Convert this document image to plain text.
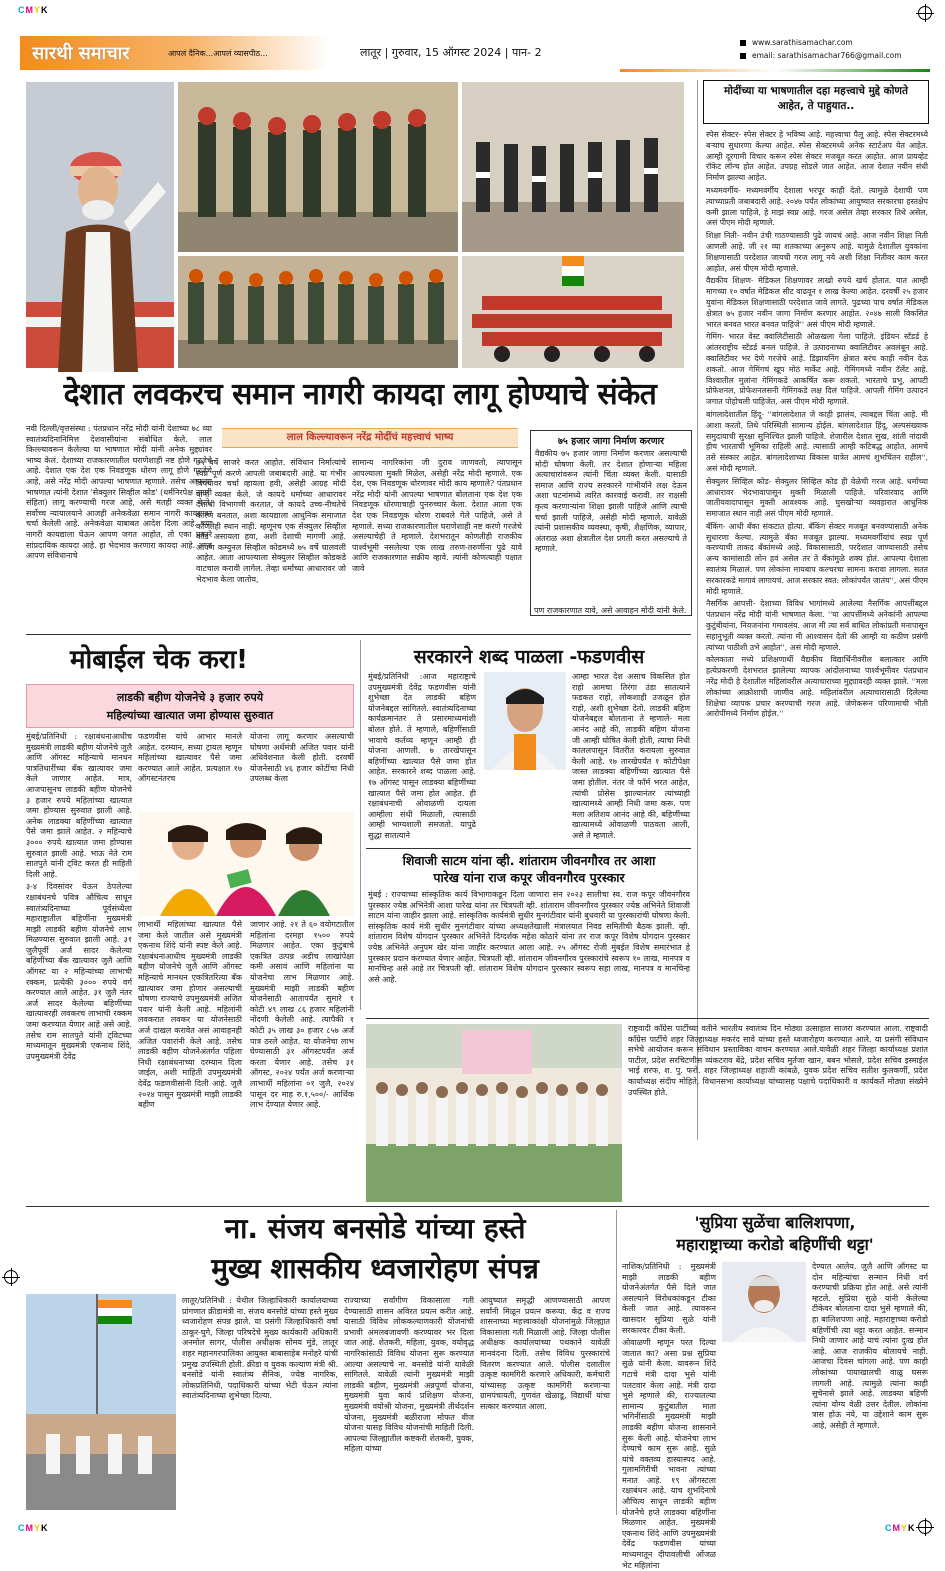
CMYK
CMYK	CMYK
सारथी समाचार	आपलं दैनिक...आपलं व्यासपीठ...	लातूर | गुरुवार, 15 ऑगस्ट 2024 | पान- 2
www.sarathisamachar.com
email: sarathisamachar766@gmail.com
मोदींच्या या भाषणातील दहा महत्त्वाचे मुद्दे कोणते आहेत, ते पाहुयात..

स्पेस सेक्टर- स्पेस सेक्टर हे भविष्य आहे. महत्त्वाचा पैलू आहे. स्पेस सेक्टरमध्ये बऱ्याच सुधारणा केल्या आहेत. स्पेस सेक्टरमध्ये अनेक स्टार्टअप येत आहेत. आम्ही दूरगामी विचार करून स्पेस सेक्टर मजबूत करत आहोत. आज प्रायव्हेट रॉकेट लॉन्च होत आहेत. उपग्रह सोडले जात आहेत. आज देशात नवीन संधी निर्माण झाल्या आहेत.

मध्यमवर्गीय- मध्यमवर्गीय देशाला भरपूर काही देतो. त्यामुळे देशाची पण त्याच्याप्रती जबाबदारी आहे. २०४७ पर्यंत लोकांच्या आयुष्यात सरकारचा हस्तक्षेप कमी झाला पाहिजे, हे माझं स्वप्न आहे. गरज असेल तेव्हा सरकार तिथे असेल, असं पीएम मोदी म्हणाले.

शिक्षा निती- नवीन उंची गाठण्यासाठी पुढे जायचं आहे. आज नवीन शिक्षा निती आणली आहे. जी २१ व्या शतकाच्या अनुरूप आहे. यामुळे देशातील युवकांना शिक्षणासाठी परदेशात जायची गरज लागू नये अशी शिक्षा नितीवर काम करत आहोत, असं पीएम मोदी म्हणाले.

वैद्यकीय शिक्षण- मेडिकल शिक्षणावर लाखो रुपये खर्च होतात. यात आम्ही मागच्या १० वर्षात मेडिकल सीट वाढवून १ लाख केल्या आहेत. दरवर्षी २५ हजार युवांना मेडिकल शिक्षणासाठी परदेशात जावे लागते. पुढच्या पाच वर्षात मेडिकल क्षेत्रात ७५ हजार नवीन जागा निर्माण करणार आहोत. २०४७ साली विकसित भारत बनवत भारत बनवत पाहिजे'' असं पीएम मोदी म्हणाले.

गेमिंग- भारत वेस्ट क्वालिटीसाठी ओळखला गेला पाहिजे. इंडियन स्टँडर्ड हे आंतरराष्ट्रीय स्टँडर्ड बनलं पाहिजे. ते उत्पादनाच्या क्वालिटीवर अवलंबून आहे. क्वालिटीवर भर देणे गरजेचे आहे. डिझायनिंग क्षेत्रात बरंच काही नवीन देऊ शकतो. आज गेमिंगचं खूप मोठं मार्केट आहे. गेमिंगमध्ये नवीन टॅलेंट आहे. विश्वातील मुलांना गेमिंगकडे आकर्षित करू शकतो. भारताचे प्रभु, आपटी प्रोफेशनल, प्रोफेशनलसनी गेमिंगकडे लक्ष दिलं पाहिजे. आपली गेमिंग उत्पादनं जगात पोहोचली पाहिजेत, असं पीएम मोदी म्हणाले.

बांगलादेशातील हिंदू- ''बांगलादेशात जे काही झालंय, त्याबद्दल चिंता आहे. मी आशा करतो, तिथे परिस्थिती सामान्य होईल. बांगलादेशात हिंदू, अल्पसंख्याक समुदायाची सुरक्षा सुनिश्चित झाली पाहिजे. शेजारील देशात सुख, शांती नांदावी हीच भारताची भूमिका राहिली आहे. त्यासाठी आम्ही कटिबद्ध आहोत. आमचे तसे संस्कार आहेत. बांगलादेशाच्या विकास यात्रेत आमचं शुभचिंतन राहील'', असं मोदी म्हणाले.

सेक्युलर सिव्हिल कोड- सेक्युलर सिव्हिल कोड ही वेळेची गरज आहे. धर्माच्या आधारावर भेदभावापासून मुक्ती मिळाली पाहिजे. परिवारवाद आणि जातीयवादापासून मुक्ती आवश्यक आहे. घुसखोऱ्या व्यवहारात आधुनिक समाजात स्थान नाही असं पीएम मोदी म्हणाले.

बँकिंग- आधी बँका संकटात होत्या. बँकिंग सेक्टर मजबूत बनवण्यासाठी अनेक सुधारणा केल्या. त्यामुळे बँका मजबूत झाल्या. मध्यमवर्गीयांचं स्वप्न पूर्ण करण्याची ताकद बँकांमध्ये आहे. विकासासाठी, परदेशात जाण्यासाठी तसेच अन्य कामांसाठी लोन हवं असेल तर ते बँकांमुळे शक्य होतं. आपल्या देशाला स्वातंत्र्य मिळालं. पण लोकांना मायबाप कल्चरचा सामना करावा लागला. सतत सरकारकडे मागावं लागायचं. आज सरकार स्वत: लोकांपर्यंत जातंय'', असं पीएम मोदी म्हणाले.

नैसर्गिक आपत्ती- देशाच्या विविध भागांमध्ये आलेल्या नैसर्गिक आपत्तींबद्दल पंतप्रधान नरेंद्र मोदी यांनी भाषणात केला. ''या आपत्तींमध्ये अनेकांनी आपल्या कुटुंबीयांना, नियजनांना गमावलंय. आज मी त्या सर्व बाधित लोकांप्रती मनापासून सहानुभूती व्यक्त करतो. त्यांना मी आश्वासन देतो की आम्ही या कठीण प्रसंगी त्यांच्या पाठीशी उभे आहोत'', असं मोदी म्हणाले.

कोलकाता मध्ये प्रशिक्षणार्थी वैद्यकीय विद्यार्थिनीवरील बलात्कार आणि हत्येप्रकरणी देशभरात झालेल्या व्यापक आंदोलनाच्या पार्श्वभूमीवर पंतप्रधान नरेंद्र मोदी हे देशातील महिलांवरील अत्याचाराच्या मुद्द्यावरही व्यक्त झाले. ''मला लोकांच्या आक्रोशाची जाणीव आहे. महिलांवरील अत्याचारासाठी दिलेल्या शिक्षेचा व्यापक प्रचार करण्याची गरज आहे. जेणेकरून परिणामाची भीती आरोपींमध्ये निर्माण होईल.''

देशात लवकरच समान नागरी कायदा लागू होण्याचे संकेत
लाल किल्ल्यावरून नरेंद्र मोदींचं महत्त्वाचं भाष्य

नवी दिल्ली/वृत्तसंस्था : पंतप्रधान नरेंद्र मोदी यांनी देशाच्या ७८ व्या स्वातंत्र्यदिनानिमित्त देशवासीयांना संबोधित केले. लाल किल्ल्यावरून केलेल्या या भाषणात मोदी यांनी अनेक मुद्द्यांवर भाष्य केलं. देशाच्या राजकारणातील घराणेशाही नष्ट होणे गरजेचे आहे. देशात एक देश एक निवडणूक धोरण लागू होणे गरजेचे आहे, असे नरेंद्र मोदी आपल्या भाषणात म्हणाले. तसेच आपल्या भाषणात त्यांनी देशात 'सेक्युलर सिव्हील कोड' (धर्मनिरपेक्ष नागरी संहिता) लागू करण्याची गरज आहे, असे मतही व्यक्त केले. सर्वोच्च न्यायालयाने आजही अनेकवेळा समान नागरी कायद्यावर चर्चा केलेली आहे. अनेकवेळा याबाबत आदेश दिला आहे. ज्या नागरी कायद्याला घेऊन आपण जगत आहोत, तो एका प्रकारे सांप्रदायिक कायदा आहे. हा भेदभाव करणारा कायदा आहे. आज आपण संविधानाचे

७५ वर्षे साजरे करत आहोत. संविधान निर्मात्यांचे स्वप्न पूर्ण करणे आपली जबाबदारी आहे. या गंभीर विषयावर चर्चा व्हायला हवी, असेही आग्रह मोदी यांनी व्यक्त केले. जे कायदे धर्माच्या आधारावर देशाची विभागणी करतात, जे कायदे उच्च-नीचतेचे कारण बनतात, अशा कायद्याला आधुनिक समाजात कोणतेही स्थान नाही. म्हणूनच एक सेक्युलर सिव्हील कोड असायला हवा, अशी देशाची मागणी आहे. आपण कम्युनल सिव्हील कोडमध्ये ७५ वर्षे घालवली आहेत. आता आपल्याला सेक्युलर सिव्हील कोडकडे वाटचाल करावी लागेल. तेव्हा धर्माच्या आधारावर जो भेदभाव केला जातोय,

सामान्य नागरिकांना जी दुराव जाणवतो, त्यापासून आपल्याला मुक्ती मिळेल, असेही नरेंद्र मोदी म्हणाले. एक देश, एक निवडणूक धोरणावर मोदी काय म्हणाले? पंतप्रधान नरेंद्र मोदी यांनी आपल्या भाषणात बोलताना एक देश एक निवडणूक धोरणाचाही पुनरुच्चार केला. देशात आता एक देश एक निवडणूक धोरण राबवले गेले पाहिजे, असे ते म्हणाले. सध्या राजकारणातील घराणेशाही नष्ट करणे गरजेचे असल्याचेही ते म्हणाले. देशभरातून कोणतीही राजकीय पार्श्वभूमी नसलेल्या एक लाख तरुण-तरुणींना पुढे यावे आणि राजकारणात सक्रीय व्हावे. त्यांनी कोणत्याही पक्षात जावे

७५ हजार जागा निर्माण करणार
वैद्यकीय ७५ हजार जागा निर्माण करणार असल्याची मोदी घोषणा केली. तर देशात होणाऱ्या महिला अत्याचारांवरून त्यांनी चिंता व्यक्त केली. यासाठी समाज आणि राज्य सरकारने गांभीर्याने लक्ष देऊन अशा घटनांमध्ये त्वरित कारवाई करावी. तर राक्षसी कृत्य करणाऱ्यांना शिक्षा झाली पाहिजे आणि त्याची चर्चा झाली पाहिजे, असेही मोदी म्हणाले. यावेळी त्यांनी प्रशासकीय व्यवस्था, कृषी, शैक्षणिक, व्यापार, अंतराळ अशा क्षेत्रातील देश प्रगती करत असल्याचे ते म्हणाले.
पण राजकारणात यावे, असे आवाहन मोदी यांनी केले.
मोबाईल चेक करा!
लाडकी बहीण योजनेचे ३ हजार रुपये
महिल्यांच्या खात्यात जमा होण्यास सुरुवात

मुंबई/प्रतिनिधी : रक्षाबंधनाआधीच मुख्यमंत्री लाडकी बहीण योजनेचे जुलै आणि ऑगस्ट महिन्याचे मानधन पात्रतिधारींच्या बँक खात्यावर जमा केले जाणार आहेत. मात्र, आजपासूनच लाडकी बहीण योजनेचे ३ हजार रुपये महिलांच्या खात्यात जमा होण्यास सुरुवात झाली आहे. अनेक लाडक्या बहिणींच्या खात्यात पैसे जमा झाले आहेत. २ महिन्याचे ३००० रुपये खात्यात जमा होण्यास सुरुवात झाली आहे. भाऊ नेते राम सातपुते यांनी ट्विट करत ही माहिती दिली आहे.

३-४ दिवसांवर येऊन ठेपलेल्या रक्षाबंधनचे पवित्र औचित्य साधून स्वातंत्र्यदिनाच्या पूर्वसंध्येला महाराष्ट्रातील बहिणींना मुख्यमंत्री माझी लाडकी बहीण योजनेचे लाभ मिळण्यास सुरुवात झाली आहे. ३१ जुलैपूर्वी अर्ज सादर केलेल्या बहिणींच्या बँक खात्यावर जुलै आणि ऑगस्ट या २ महिन्यांच्या लाभाची रक्कम, प्रत्येकी ३००० रुपये वर्ग करण्यात आले आहेत. ३१ जुलै नंतर अर्ज सादर केलेल्या बहिणींच्या खात्यावरही लवकरच लाभाची रक्कम जमा करण्यात येणार आहे असे आहे. तसेच राम सातपुते यांनी ट्विटच्या माध्यमातून मुख्यमंत्री एकनाथ शिंदे, उपमुख्यमंत्री देवेंद्र

फडणवीस यांचे आभार मानले आहेत. दरम्यान, सध्या ट्रायल म्हणून महिलांच्या खात्यावर पैसे जमा करण्यात आले आहेत. प्रत्यक्षात १७ ऑगस्टनंतरच
योजना लागू करणार असल्याची घोषणा अर्थमंत्री अजित पवार यांनी अधिवेशनात केली होती. दरवर्षी योजनेसाठी ४६ हजार कोटींचा निधी उपलब्ध केला
लाभार्थी महिलांच्या खात्यात पैसे जमा केले जातील असे मुख्यमंत्री एकनाथ शिंदे यांनी स्पष्ट केले आहे. रक्षाबंधनाआधीच मुख्यमंत्री लाडकी बहीण योजनेचे जुलै आणि ऑगस्ट महिन्याचे मानधन एकत्रितरित्या बँक खात्यावर जमा होणार असल्याची घोषणा राज्याचे उपमुख्यमंत्री अजित पवार यांनी केली आहे. महिलांनी लवकरात लवकर या योजनेसाठी अर्ज दाखल करावेत असं आवाहनही अजित पवारांनी केले आहे. तसेच लाडकी बहीण योजनेअंतर्गत पहिला निधी रक्षाबंधनाच्या दरम्यान दिला जाईल, अशी माहिती उपमुख्यमंत्री देवेंद्र फडणवीसांनी दिली आहे. जुलै २०२४ पासून मुख्यमंत्री माझी लाडकी बहीण
जाणार आहे. २१ ते ६० वयोगटातील महिलांना दरमहा १५०० रुपये मिळणार आहेत. एका कुटुंबाचे एकत्रित उत्पन्न अडीच लाखांपेक्षा कमी असावं आणि महिलांना या योजनेचा लाभ मिळणार आहे. मुख्यमंत्री माझी लाडकी बहीण योजनेसाठी आतापर्यंत सुमारे १ कोटी ४९ लाख ८६ हजार महिलांनी नोंदणी केलेली आहे. त्यापैकी १ कोटी ३५ लाख ३० हजार ८५७ अर्ज पात्र ठरले आहेत. या योजनेचा लाभ घेण्यासाठी ३१ ऑगस्टपर्यंत अर्ज करता येणार आहे. तसेच ३१ ऑगस्ट, २०२४ पर्यंत अर्ज करणाऱ्या लाभार्थी महिलांना ०१ जुलै, २०२४ पासून दर माह रु.१,५००/- आर्थिक लाभ देण्यात येणार आहे.
सरकारने शब्द पाळला -फडणवीस
मुंबई/प्रतिनिधी :आज महाराष्ट्राचे उपमुख्यमंत्री देवेंद्र फडणवीस यांनी शुभेच्छा देत लाडकी बहिण योजनेबद्दल सांगितले. स्वातंत्र्यदिनाच्या कार्यक्रमानंतर ते प्रसारमाध्यमांशी बोलत होते. ते म्हणाले, बहिणींसाठी भावाचे कर्तव्य म्हणून आम्ही ही योजना आणली. ७ तारखेपासून बहिणींच्या खात्यात पैसे जमा होत आहेत. सरकारने शब्द पाळला आहे. १७ ऑगस्ट पासून लाडक्या बहिणींच्या खात्यात पैसे जमा होत आहेत. ही रक्षाबंधनाची ओवाळणी दायला आम्हीला संधी मिळाली, त्यासाठी आम्ही भाग्यशाली समजतो. यापुढे सुद्धा सातत्याने
आम्हा भारत देश असाच विकसित होत राहो आमचा तिरंगा उंडा सातत्याने फडकत राहो, लोकशाही उजळून होत राहो, अशी शुभेच्छा देतो. लाडकी बहिण योजनेबद्दल बोलताना ते म्हणाले- मला आनंद आहे की, लाडकी बहिण योजना जी आम्ही घोषित केली होती, त्याचा निधी काललपासून वितरीत करायला सुरुवात केली आहे. १७ तारखेपर्यंत १ कोटीपेक्षा जास्त लाडक्या बहिणींच्या खात्यात पैसे जमा होतील. नंतर जे फॉर्म भरत आहेत, त्यांची प्रोसेस झाल्यानंतर त्यांच्याही खात्यामध्ये आम्ही निधी जमा करू. पण मला अतिशय आनंद आहे की, बहिणींच्या खात्यामध्ये ओवाळणी पाठवता आली, असे ते म्हणाले.
शिवाजी साटम यांना व्ही. शांताराम जीवनगौरव तर आशा
पारेख यांना राज कपूर जीवनगौरव पुरस्कार
मुंबई : राज्याच्या सांस्कृतिक कार्य विभागाकडून दिला जाणारा सन २०२३ सालीचा स्व. राज कपूर जीवनगौरव पुरस्कार ज्येष्ठ अभिनेत्री आशा पारेख यांना तर चित्रपती व्ही. शांताराम जीवनगौरव पुरस्कार ज्येष्ठ अभिनेते शिवाजी साटम यांना जाहीर झाला आहे. सांस्कृतिक कार्यमंत्री सुधीर मुनगंटीवार यांनी बुधवारी या पुरस्कारांची घोषणा केली. सांस्कृतिक कार्य मंत्री सुधीर मुनगंटीवार यांच्या अध्यक्षतेखाली मंत्रालयात निवड समितीची बैठक झाली. व्ही. शांताराम विशेष योगदान पुरस्कार अभिनेते दिग्दर्शक महेश कोठारे यांना तर राज कपूर विशेष योगदान पुरस्कार ज्येष्ठ अभिनेते अनुपम खेर यांना जाहीर करण्यात आला आहे. २५ ऑगस्ट रोजी मुंबईत विशेष समारंभात हे पुरस्कार प्रदान करण्यात येणार आहेत. चित्रपती व्ही. शांताराम जीवनगौरव पुरस्कारांचे स्वरूप १० लाख, मानपत्र व मानचिन्ह असे आहे तर चित्रपती व्ही. शांताराम विशेष योगदान पुरस्कार स्वरूप सहा लाख, मानपत्र व मानचिन्ह असे आहे.
राष्ट्रवादी कॉंग्रेस पार्टीच्या वतीने भारतीय स्वातंत्र्य दिन मोठ्या उत्साहात साजरा करण्यात आला. राष्ट्रवादी कॉंग्रेस पार्टीचे शहर जिल्हाध्यक्ष मकरंद सावे यांच्या हस्ते ध्वजारोहण करण्यात आले. या प्रसंगी संविधान सभेचे आयोजन करून संविधान प्रस्ताविका वाचन करण्यात आले.यावेळी शहर जिल्हा कार्याध्यक्ष प्रशांत पाटील, प्रदेश सरचिटणीस व्यंकटराव बेंद्रे, प्रदेश सचिव मुर्तजा खान, बबन भोसले, प्रदेश सचिव इस्माईल भाई शरफ, श. पु. फरो. शहर जिल्हाध्यक्ष शहाजी कांबळे, युवक प्रदेश सचिव सतीश कुलकर्णी, प्रदेश कार्याध्यक्ष संदीप मोहिते, विधानसभा कार्याध्यक्ष यांच्यासह पक्षाचे पदाधिकारी व कार्यकर्ते मोठ्या संख्येने उपस्थित होते.
ना. संजय बनसोडे यांच्या हस्ते
मुख्य शासकीय ध्वजारोहण संपन्न
लातूर/प्रतिनिधी : येथील जिल्हाधिकारी कार्यालयाच्या प्रांगणात क्रीडामंत्री ना. संजय बनसोडे यांच्या हस्ते मुख्य ध्वजारोहण संपन्न झाले. या प्रसंगी जिल्हाधिकारी वर्षा ठाकूर-घुगे, जिल्हा परिषदेचे मुख्य कार्यकारी अधिकारी अनमोल सागर, पोलीस अधीक्षक सोमय मुंडे, लातूर शहर महानगरपालिका आयुक्त बाबासाहेब मनोहरे यांची प्रमुख उपस्थिती होती. क्रीडा व युवक कल्याण मंत्री श्री. बनसोडे यांनी स्वातंत्र्य सैनिक, ज्येष्ठ नागरिक, लोकप्रतिनिधी, पदाधिकारी यांच्या भेटी घेऊन त्यांना स्वातंत्र्यदिनाच्या शुभेच्छा दिल्या.
राज्याच्या सर्वांगीण विकासाला गती देण्यासाठी शासन अविरत प्रयत्न करीत आहे. यासाठी विविध लोककल्याणकारी योजनांची प्रभावी अंमलबजावणी करण्यावर भर दिला जात आहे. शेतकरी, महिला, युवक, वयोवृद्ध नागरिकांसाठी विविध योजना सुरू करण्यात आल्या असल्याचे ना. बनसोडे यांनी यावेळी सांगितले. यावेळी त्यांनी मुख्यमंत्री माझी लाडकी बहीण, मुख्यमंत्री अन्नपूर्णा योजना, मुख्यमंत्री युवा कार्य प्रशिक्षण योजना, मुख्यमंत्री वयोश्री योजना, मुख्यमंत्री तीर्थदर्शन योजना, मुख्यमंत्री बळीराजा मोफत वीज योजना यासह विविध योजनांची माहिती दिली. आपल्या जिल्ह्यातील कष्टकरी शेतकरी, युवक, महिला यांच्या
आयुष्यात समृद्धी आणण्यासाठी आपण सर्वांनी मिळून प्रयत्न करूया. केंद्र व राज्य शासनाच्या महत्त्वाकांक्षी योजनांमुळे जिल्ह्यात विकासाला गती मिळाली आहे. जिल्हा पोलीस अधीक्षक कार्यालयाच्या पथकाने यावेळी मानवंदना दिली. तसेच विविध पुरस्कारांचे वितरण करण्यात आले. पोलीस दलातील उत्कृष्ट कामगिरी करणारे अधिकारी, कर्मचारी यांच्यासह उत्कृष्ट कामगिरी करणाऱ्या ग्रामपंचायती, गुणवंत खेळाडू, विद्यार्थी यांचा सत्कार करण्यात आला.
'सुप्रिया सुळेंचा बालिशपणा,
महाराष्ट्राच्या करोडो बहिणींची थट्टा'

नाशिक/प्रतिनिधी : मुख्यमंत्री माझी लाडकी बहीण योजनेअंतर्गत पैसे दिले जात असल्याने विरोधकांकडून टीका केली जात आहे. त्यावरून खासदार सुप्रिया सुळे यांनी सरकारवर टीका केली.

ओवाळणी म्हणून परत दिल्या जातात का? असा प्रश्न सुप्रिया सुळे यांनी केला. यावरून शिंदे गटाचे मंत्री दादा भुसे यांनी पलटवार केला आहे. मंत्री दादा भुसे म्हणाले की, राज्यातल्या सामान्य कुटुंबातील माता भगिनींसाठी मुख्यमंत्री माझी लाडकी बहीण योजना शासनाने सुरू केली आहे. योजनेचा लाभ देण्याचे काम सुरू आहे. सुळे यांचे वक्तव्य हास्यास्पद आहे. गुलामगिरीची भावना त्यांच्या मनात आहे. १९ ऑगस्टला रक्षाबंधन आहे. याच शुभदिनाचे औचित्य साधून लाडकी बहीण योजनेचे हप्ते लाडक्या बहिणींना मिळणार आहेत. मुख्यमंत्री एकनाथ शिंदे आणि उपमुख्यमंत्री देवेंद्र फडणवीस यांच्या माध्यमातून दीपावलीची ओंजळ भेट महिलांना

देण्यात आलेय. जुलै आणि ऑगस्ट या दोन महिन्यांचा सन्मान निधी वर्ग करण्याची प्रक्रिया होत आहे. असे त्यांनी म्हटले. सुप्रिया सुळे यांनी केलेल्या टीकेवर बोलताना दादा भुसे म्हणाले की, हा बालिशपणा आहे. महाराष्ट्राच्या करोडो बहिणींची त्या थट्टा करत आहेत. सन्मान निधी जाणार आहे याचं त्यांना दुःख होत आहे. आज राजकीय बोलायचे नाही. आजचा दिवस चांगला आहे. पण काही लोकांच्या पायाखालची वाळू घसरू लागली आहे. त्यामुळे त्यांना काही सुचेनासे झाले आहे. लाडक्या बहिणी त्यांना योग्य वेळी उत्तर देतील. लोकांना त्रास होऊ नये, या उद्देशाने काम सुरू आहे, असेही ते म्हणाले.
